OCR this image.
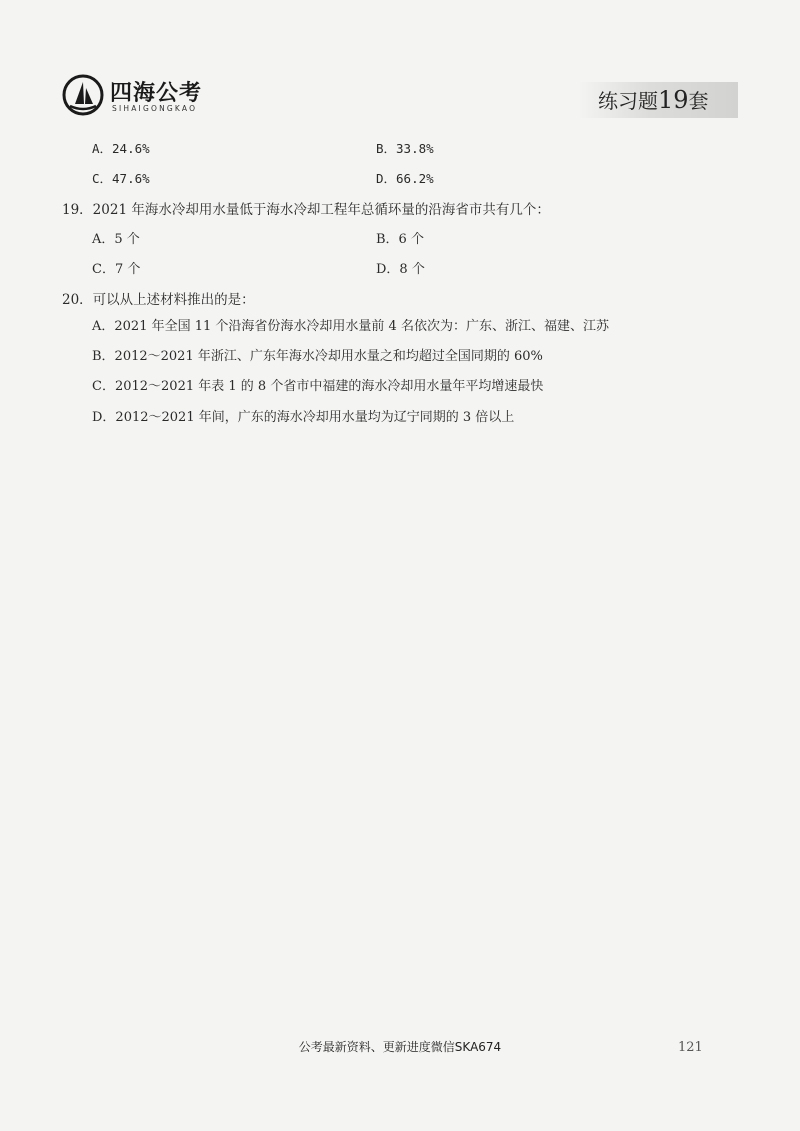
四海公考
SIHAIGONGKAO	练习题19套
A．24.6%	B．33.8%
C．47.6%	D．66.2%
19．2021 年海水冷却用水量低于海水冷却工程年总循环量的沿海省市共有几个：
A．5 个	B．6 个
C．7 个	D．8 个
20．可以从上述材料推出的是：
A．2021 年全国 11 个沿海省份海水冷却用水量前 4 名依次为：广东、浙江、福建、江苏
B．2012～2021 年浙江、广东年海水冷却用水量之和均超过全国同期的 60%
C．2012～2021 年表 1 的 8 个省市中福建的海水冷却用水量年平均增速最快
D．2012～2021 年间，广东的海水冷却用水量均为辽宁同期的 3 倍以上
公考最新资料、更新进度微信SKA674	121
